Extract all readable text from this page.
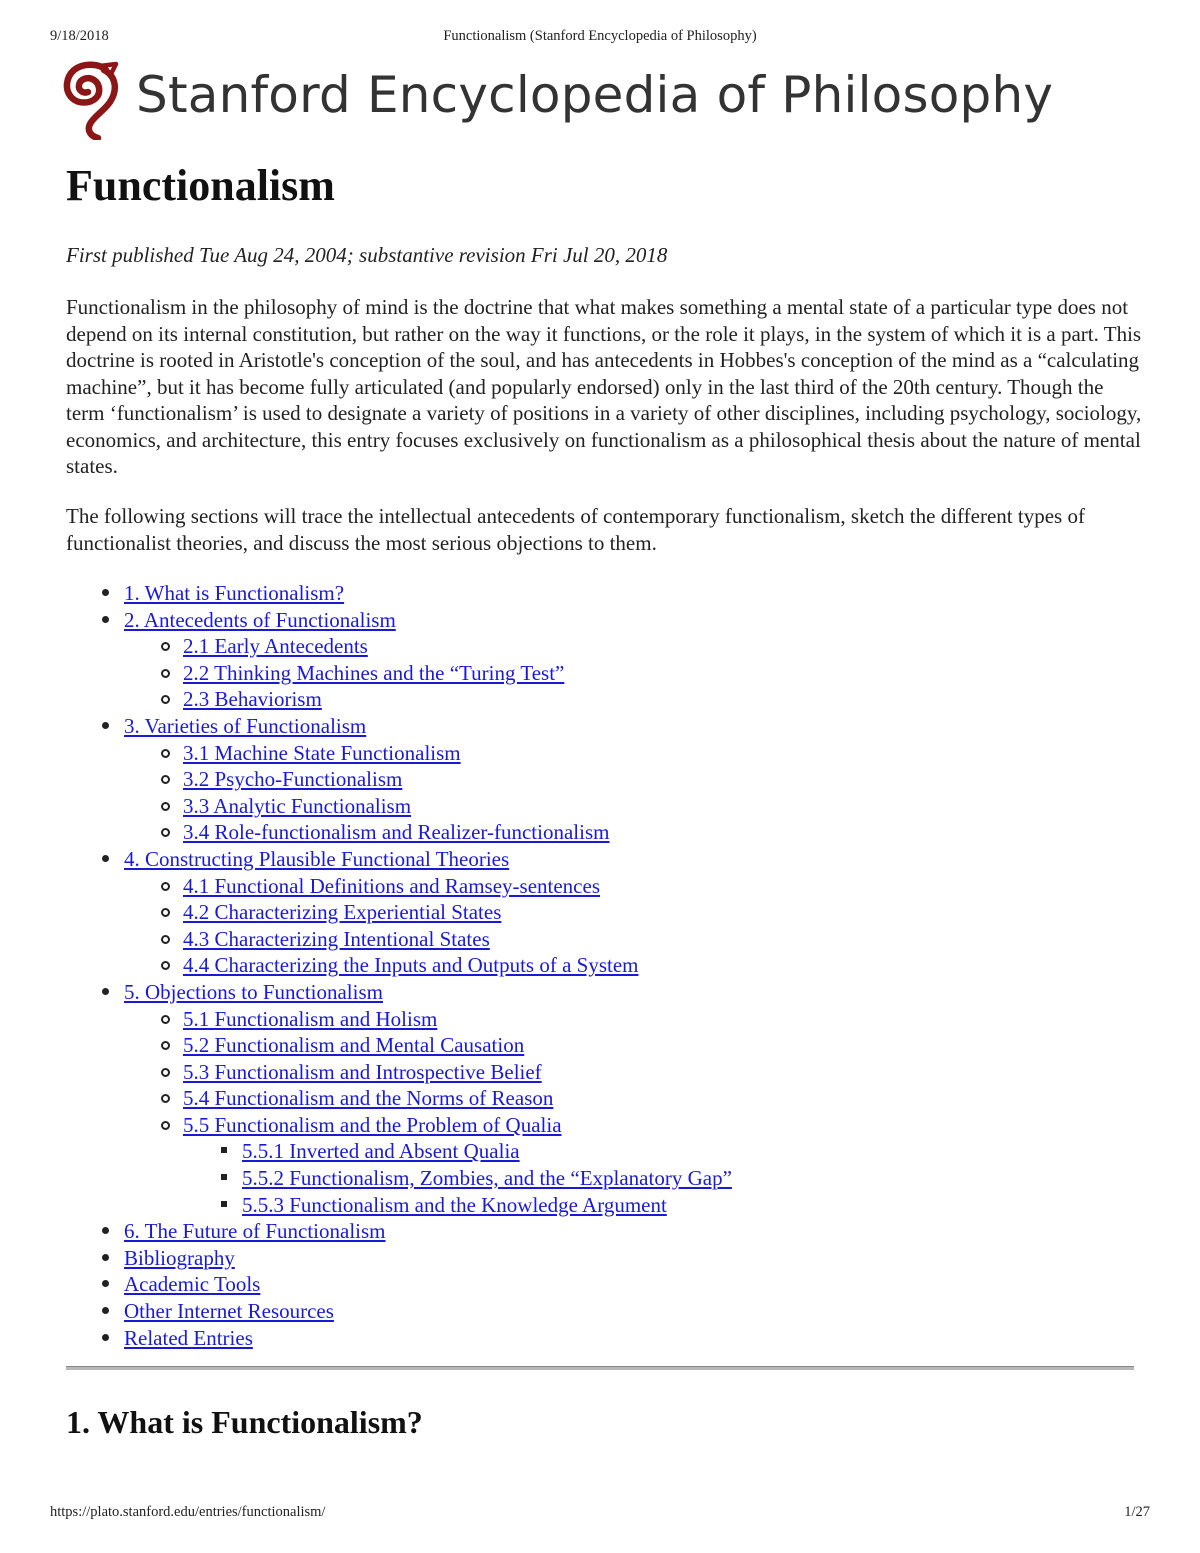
9/18/2018	Functionalism (Stanford Encyclopedia of Philosophy)
Stanford Encyclopedia of Philosophy
Functionalism

First published Tue Aug 24, 2004; substantive revision Fri Jul 20, 2018

Functionalism in the philosophy of mind is the doctrine that what makes something a mental state of a particular type does not depend on its internal constitution, but rather on the way it functions, or the role it plays, in the system of which it is a part. This doctrine is rooted in Aristotle's conception of the soul, and has antecedents in Hobbes's conception of the mind as a “calculating machine”, but it has become fully articulated (and popularly endorsed) only in the last third of the 20th century. Though the term ‘functionalism’ is used to designate a variety of positions in a variety of other disciplines, including psychology, sociology, economics, and architecture, this entry focuses exclusively on functionalism as a philosophical thesis about the nature of mental states.

The following sections will trace the intellectual antecedents of contemporary functionalism, sketch the different types of functionalist theories, and discuss the most serious objections to them.

1. What is Functionalism?
2. Antecedents of Functionalism
2.1 Early Antecedents
2.2 Thinking Machines and the “Turing Test”
2.3 Behaviorism
3. Varieties of Functionalism
3.1 Machine State Functionalism
3.2 Psycho-Functionalism
3.3 Analytic Functionalism
3.4 Role-functionalism and Realizer-functionalism
4. Constructing Plausible Functional Theories
4.1 Functional Definitions and Ramsey-sentences
4.2 Characterizing Experiential States
4.3 Characterizing Intentional States
4.4 Characterizing the Inputs and Outputs of a System
5. Objections to Functionalism
5.1 Functionalism and Holism
5.2 Functionalism and Mental Causation
5.3 Functionalism and Introspective Belief
5.4 Functionalism and the Norms of Reason
5.5 Functionalism and the Problem of Qualia
5.5.1 Inverted and Absent Qualia
5.5.2 Functionalism, Zombies, and the “Explanatory Gap”
5.5.3 Functionalism and the Knowledge Argument
6. The Future of Functionalism
Bibliography
Academic Tools
Other Internet Resources
Related Entries
1. What is Functionalism?
https://plato.stanford.edu/entries/functionalism/	1/27
